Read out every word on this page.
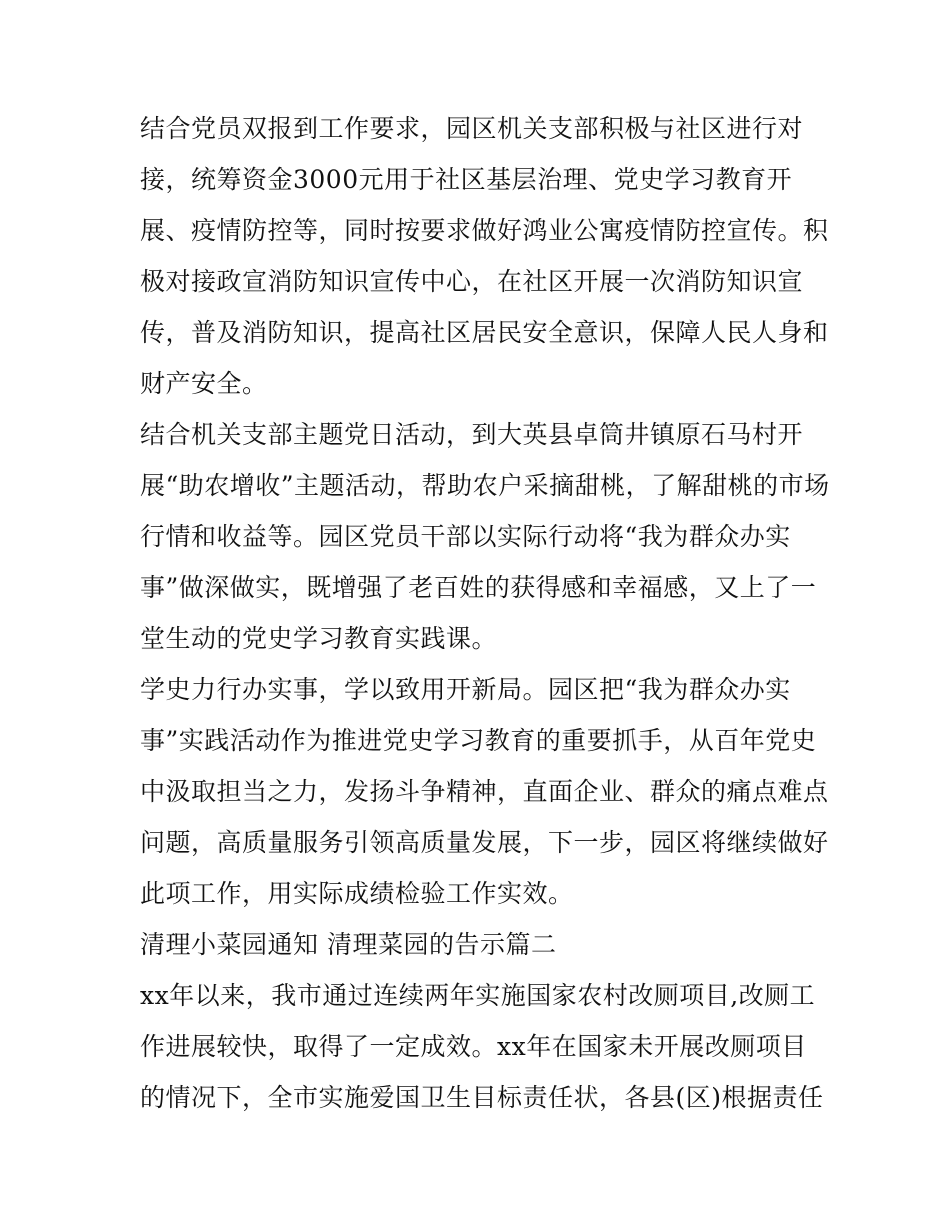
结合党员双报到工作要求，园区机关支部积极与社区进行对
接，统筹资金3000元用于社区基层治理、党史学习教育开
展、疫情防控等，同时按要求做好鸿业公寓疫情防控宣传。积
极对接政宣消防知识宣传中心，在社区开展一次消防知识宣
传，普及消防知识，提高社区居民安全意识，保障人民人身和
财产安全。
结合机关支部主题党日活动，到大英县卓筒井镇原石马村开
展“助农增收”主题活动，帮助农户采摘甜桃，了解甜桃的市场
行情和收益等。园区党员干部以实际行动将“我为群众办实
事”做深做实，既增强了老百姓的获得感和幸福感，又上了一
堂生动的党史学习教育实践课。
学史力行办实事，学以致用开新局。园区把“我为群众办实
事”实践活动作为推进党史学习教育的重要抓手，从百年党史
中汲取担当之力，发扬斗争精神，直面企业、群众的痛点难点
问题，高质量服务引领高质量发展，下一步，园区将继续做好
此项工作，用实际成绩检验工作实效。
清理小菜园通知 清理菜园的告示篇二
xx年以来，我市通过连续两年实施国家农村改厕项目,改厕工
作进展较快，取得了一定成效。xx年在国家未开展改厕项目
的情况下，全市实施爱国卫生目标责任状，各县(区)根据责任
